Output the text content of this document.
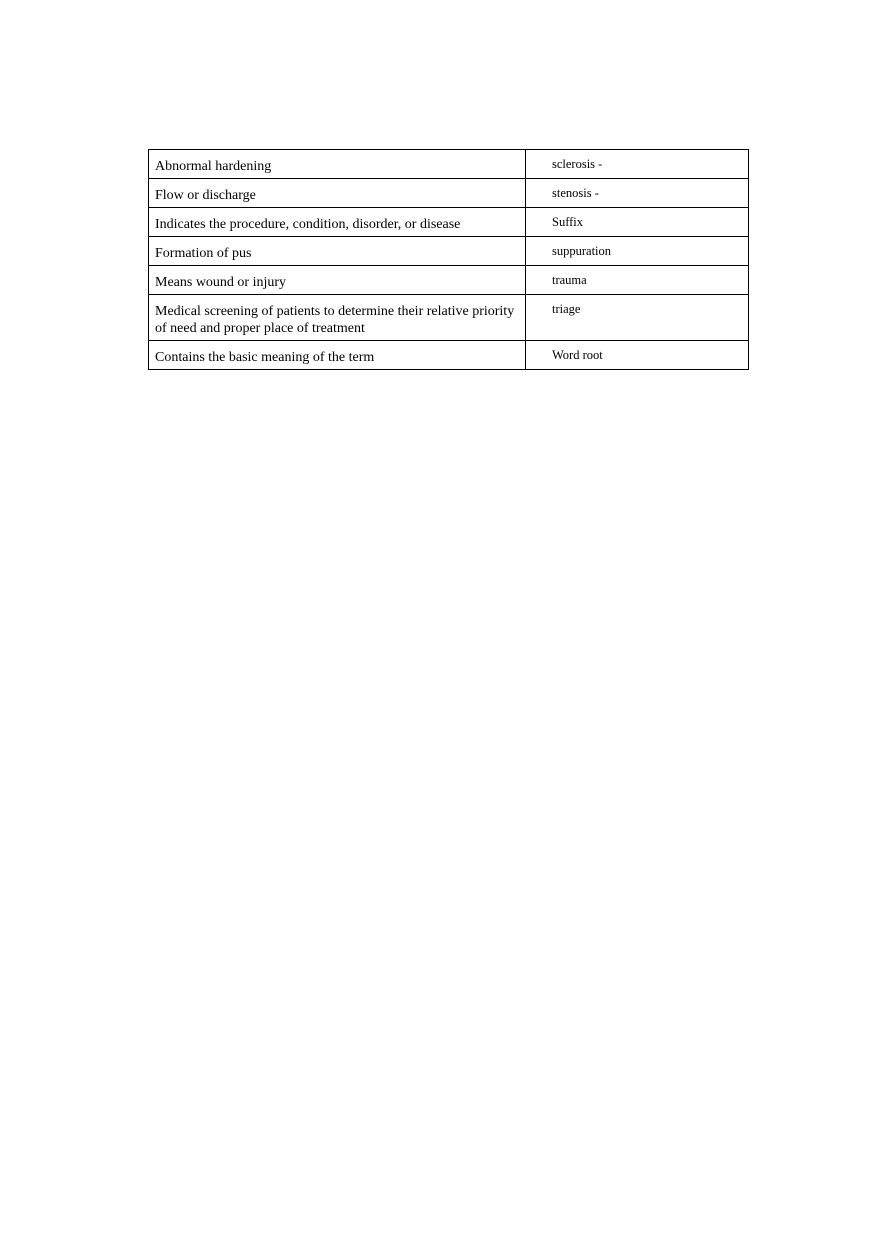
Abnormal hardening	sclerosis -
Flow or discharge	stenosis -
Indicates the procedure, condition, disorder, or disease	Suffix
Formation of pus	suppuration
Means wound or injury	trauma
Medical screening of patients to determine their relative priority of need and proper place of treatment	triage
Contains the basic meaning of the term	Word root
